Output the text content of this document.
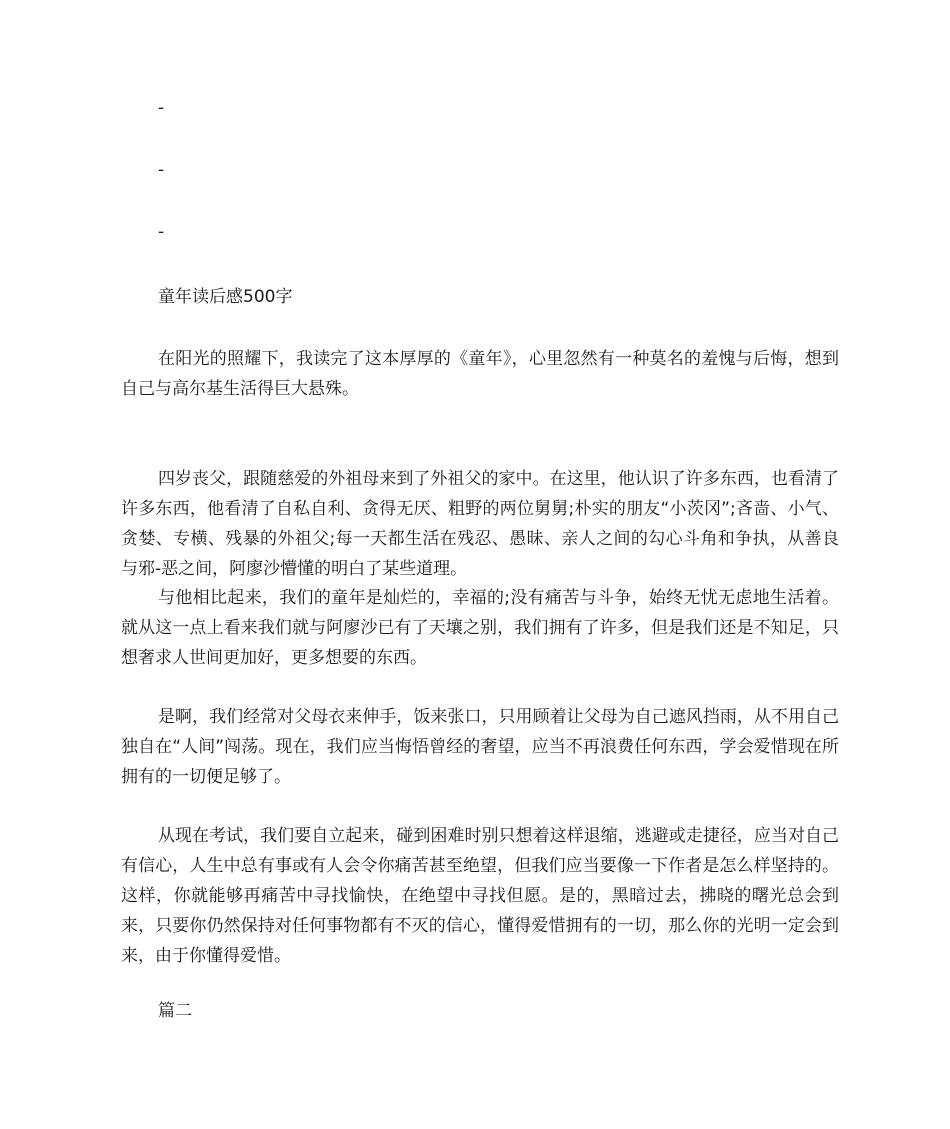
-
-
-
童年读后感500字

在阳光的照耀下，我读完了这本厚厚的《童年》，心里忽然有一种莫名的羞愧与后悔，想到自己与高尔基生活得巨大悬殊。

四岁丧父，跟随慈爱的外祖母来到了外祖父的家中。在这里，他认识了许多东西，也看清了许多东西，他看清了自私自利、贪得无厌、粗野的两位舅舅;朴实的朋友“小茨冈”;吝啬、小气、贪婪、专横、残暴的外祖父;每一天都生活在残忍、愚昧、亲人之间的勾心斗角和争执，从善良与邪-恶之间，阿廖沙懵懂的明白了某些道理。

与他相比起来，我们的童年是灿烂的，幸福的;没有痛苦与斗争，始终无忧无虑地生活着。就从这一点上看来我们就与阿廖沙已有了天壤之别，我们拥有了许多，但是我们还是不知足，只想奢求人世间更加好，更多想要的东西。

是啊，我们经常对父母衣来伸手，饭来张口，只用顾着让父母为自己遮风挡雨，从不用自己独自在“人间”闯荡。现在，我们应当悔悟曾经的奢望，应当不再浪费任何东西，学会爱惜现在所拥有的一切便足够了。

从现在考试，我们要自立起来，碰到困难时别只想着这样退缩，逃避或走捷径，应当对自己有信心，人生中总有事或有人会令你痛苦甚至绝望，但我们应当要像一下作者是怎么样坚持的。这样，你就能够再痛苦中寻找愉快，在绝望中寻找但愿。是的，黑暗过去，拂晓的曙光总会到来，只要你仍然保持对任何事物都有不灭的信心，懂得爱惜拥有的一切，那么你的光明一定会到来，由于你懂得爱惜。

篇二
